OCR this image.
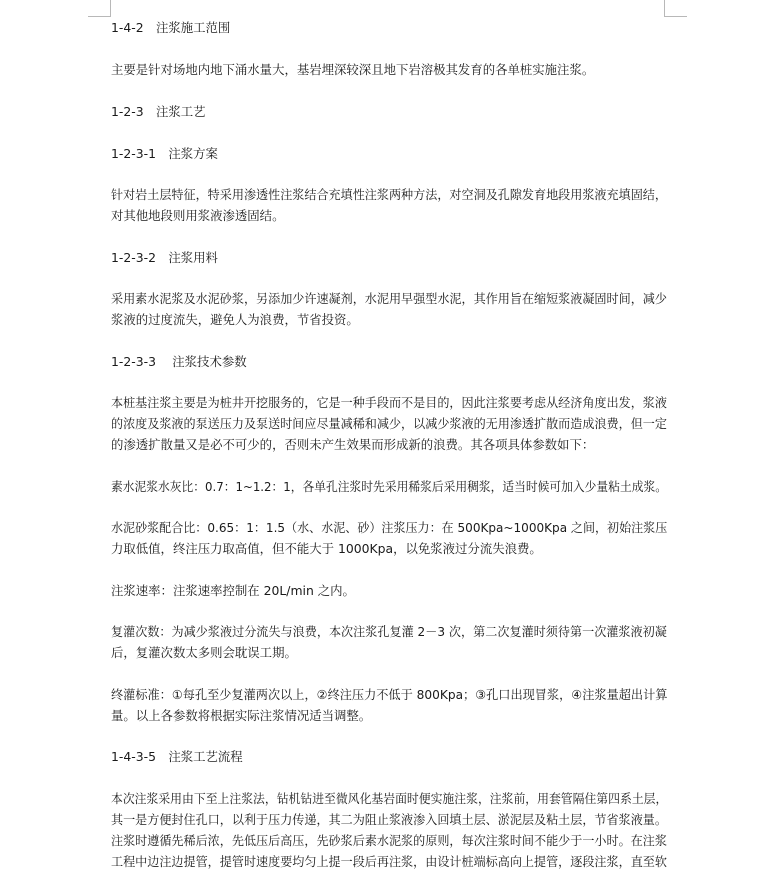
1-4-2　注浆施工范围
主要是针对场地内地下涌水量大，基岩埋深较深且地下岩溶极其发育的各单桩实施注浆。
1-2-3　注浆工艺
1-2-3-1　注浆方案
针对岩土层特征，特采用渗透性注浆结合充填性注浆两种方法，对空洞及孔隙发育地段用浆液充填固结，
对其他地段则用浆液渗透固结。
1-2-3-2　注浆用料
采用素水泥浆及水泥砂浆，另添加少许速凝剂，水泥用早强型水泥，其作用旨在缩短浆液凝固时间，减少
浆液的过度流失，避免人为浪费，节省投资。
1-2-3-3　 注浆技术参数
本桩基注浆主要是为桩井开挖服务的，它是一种手段而不是目的，因此注浆要考虑从经济角度出发，浆液
的浓度及浆液的泵送压力及泵送时间应尽量减稀和减少，以减少浆液的无用渗透扩散而造成浪费，但一定
的渗透扩散量又是必不可少的，否则未产生效果而形成新的浪费。其各项具体参数如下：
素水泥浆水灰比：0.7：1~1.2：1，各单孔注浆时先采用稀浆后采用稠浆，适当时候可加入少量粘土成浆。
水泥砂浆配合比：0.65：1：1.5（水、水泥、砂）注浆压力：在 500Kpa~1000Kpa 之间，初始注浆压
力取低值，终注压力取高值，但不能大于 1000Kpa，以免浆液过分流失浪费。
注浆速率：注浆速率控制在 20L/min 之内。
复灌次数：为减少浆液过分流失与浪费，本次注浆孔复灌 2－3 次，第二次复灌时须待第一次灌浆液初凝
后，复灌次数太多则会耽误工期。
终灌标准：①每孔至少复灌两次以上，②终注压力不低于 800Kpa；③孔口出现冒浆，④注浆量超出计算
量。以上各参数将根据实际注浆情况适当调整。
1-4-3-5　注浆工艺流程
本次注浆采用由下至上注浆法，钻机钻进至微风化基岩面时便实施注浆，注浆前，用套管隔住第四系土层，
其一是方便封住孔口，以利于压力传递，其二为阻止浆液渗入回填土层、淤泥层及粘土层，节省浆液量。
注浆时遵循先稀后浓，先低压后高压，先砂浆后素水泥浆的原则，每次注浆时间不能少于一小时。在注浆
工程中边注边提管，提管时速度要均匀上提一段后再注浆，由设计桩端标高向上提管，逐段注浆，直至软
